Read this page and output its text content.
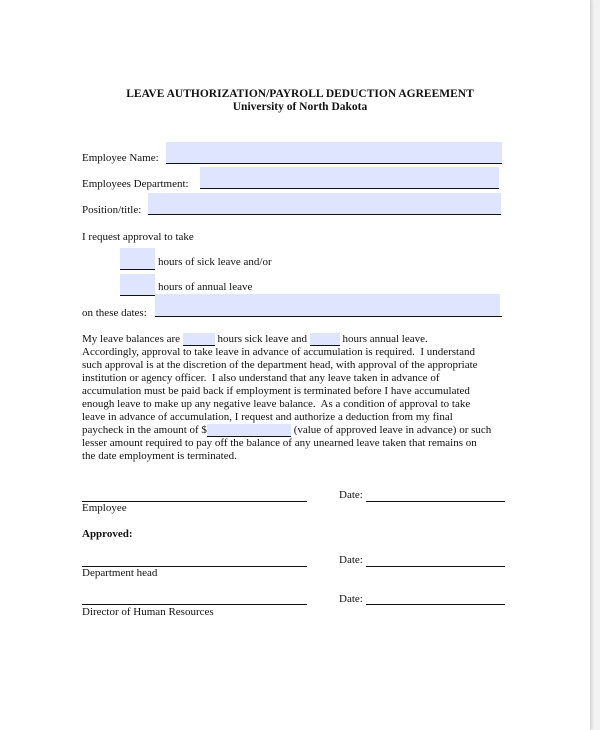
LEAVE AUTHORIZATION/PAYROLL DEDUCTION AGREEMENT
University of North Dakota
Employee Name:
Employees Department:
Position/title:
I request approval to take
hours of sick leave and/or
hours of annual leave
on these dates:
My leave balances are	hours sick leave and	hours annual leave.
Accordingly, approval to take leave in advance of accumulation is required.  I understand
such approval is at the discretion of the department head, with approval of the appropriate
institution or agency officer.  I also understand that any leave taken in advance of
accumulation must be paid back if employment is terminated before I have accumulated
enough leave to make up any negative leave balance.  As a condition of approval to take
leave in advance of accumulation, I request and authorize a deduction from my final
paycheck in the amount of $	(value of approved leave in advance) or such
lesser amount required to pay off the balance of any unearned leave taken that remains on
the date employment is terminated.
Date:
Employee
Approved:
Date:
Department head
Date:
Director of Human Resources
